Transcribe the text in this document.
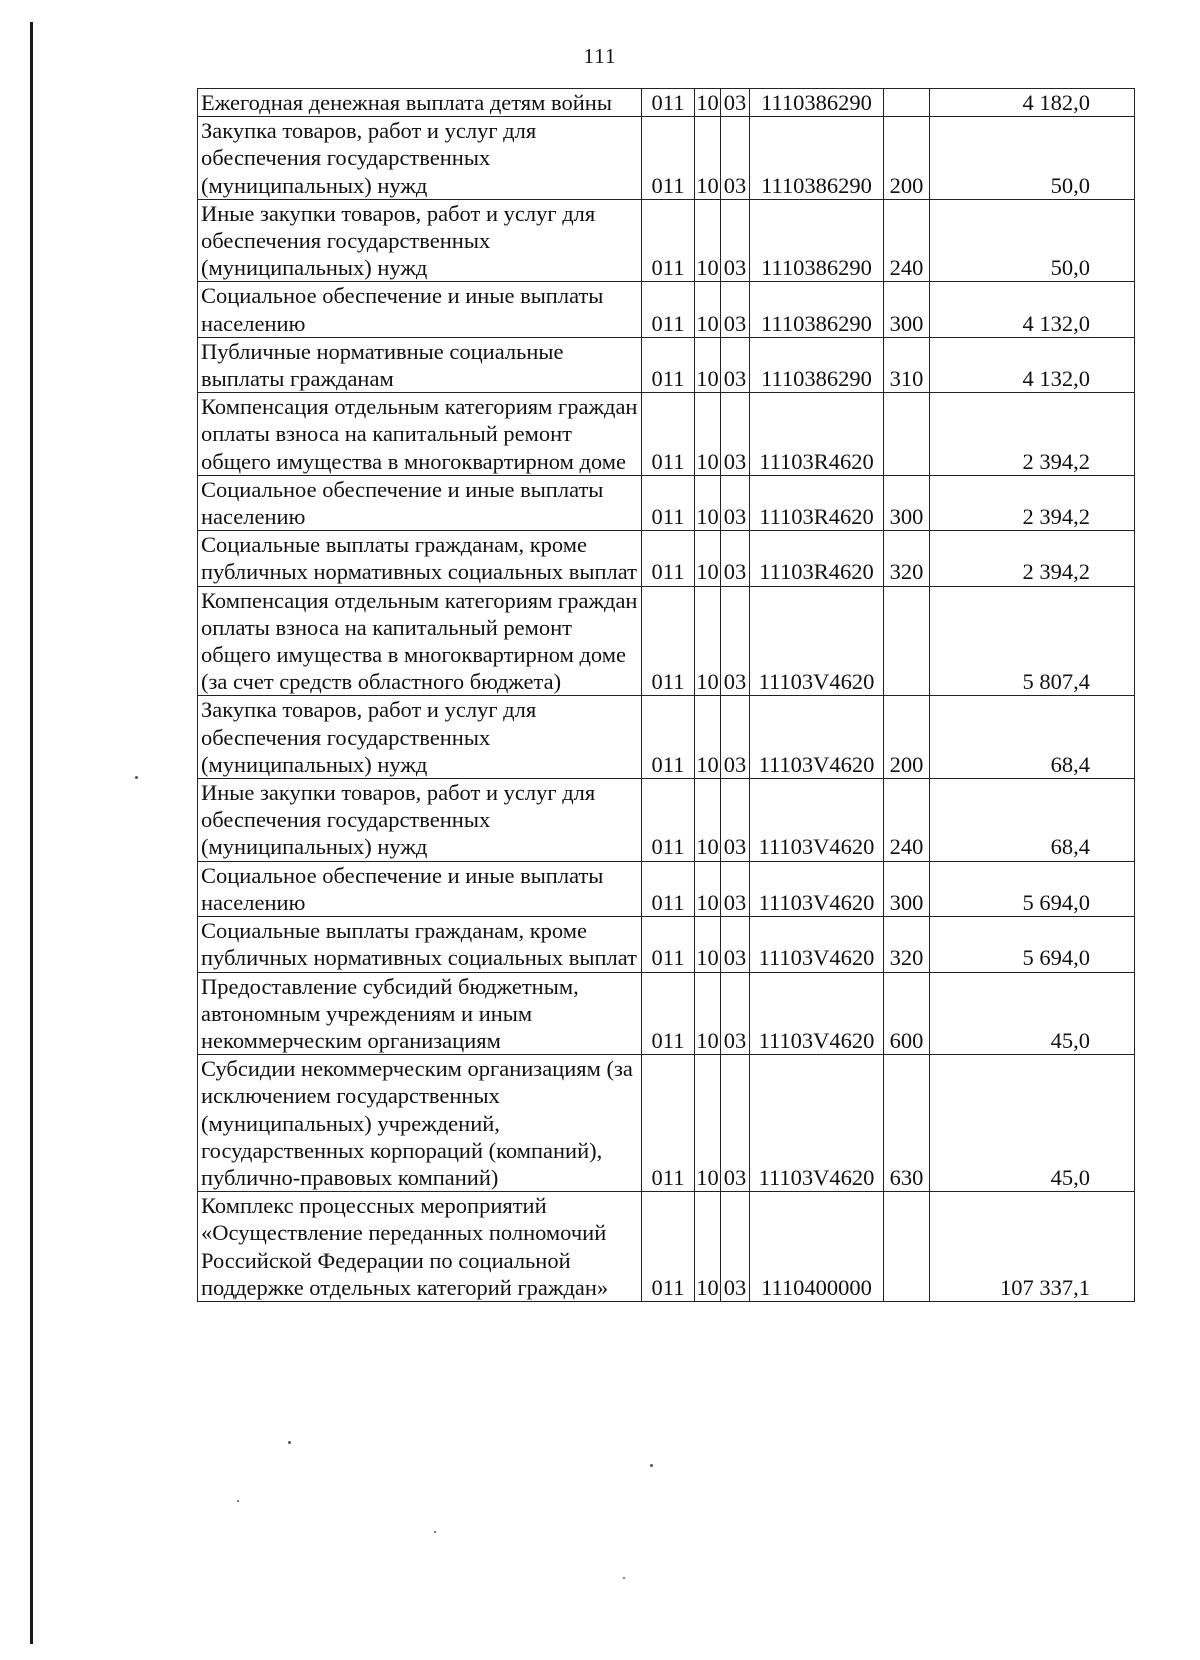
111
Ежегодная денежная выплата детям войны	011	10	03	1110386290		4 182,0
Закупка товаров, работ и услуг для обеспечения государственных (муниципальных) нужд	011	10	03	1110386290	200	50,0
Иные закупки товаров, работ и услуг для обеспечения государственных (муниципальных) нужд	011	10	03	1110386290	240	50,0
Социальное обеспечение и иные выплаты населению	011	10	03	1110386290	300	4 132,0
Публичные нормативные социальные выплаты гражданам	011	10	03	1110386290	310	4 132,0
Компенсация отдельным категориям граждан оплаты взноса на капитальный ремонт общего имущества в многоквартирном доме	011	10	03	11103R4620		2 394,2
Социальное обеспечение и иные выплаты населению	011	10	03	11103R4620	300	2 394,2
Социальные выплаты гражданам, кроме публичных нормативных социальных выплат	011	10	03	11103R4620	320	2 394,2
Компенсация отдельным категориям граждан оплаты взноса на капитальный ремонт общего имущества в многоквартирном доме (за счет средств областного бюджета)	011	10	03	11103V4620		5 807,4
Закупка товаров, работ и услуг для обеспечения государственных (муниципальных) нужд	011	10	03	11103V4620	200	68,4
Иные закупки товаров, работ и услуг для обеспечения государственных (муниципальных) нужд	011	10	03	11103V4620	240	68,4
Социальное обеспечение и иные выплаты населению	011	10	03	11103V4620	300	5 694,0
Социальные выплаты гражданам, кроме публичных нормативных социальных выплат	011	10	03	11103V4620	320	5 694,0
Предоставление субсидий бюджетным, автономным учреждениям и иным некоммерческим организациям	011	10	03	11103V4620	600	45,0
Субсидии некоммерческим организациям (за исключением государственных (муниципальных) учреждений, государственных корпораций (компаний), публично-правовых компаний)	011	10	03	11103V4620	630	45,0
Комплекс процессных мероприятий «Осуществление переданных полномочий Российской Федерации по социальной поддержке отдельных категорий граждан»	011	10	03	1110400000		107 337,1
